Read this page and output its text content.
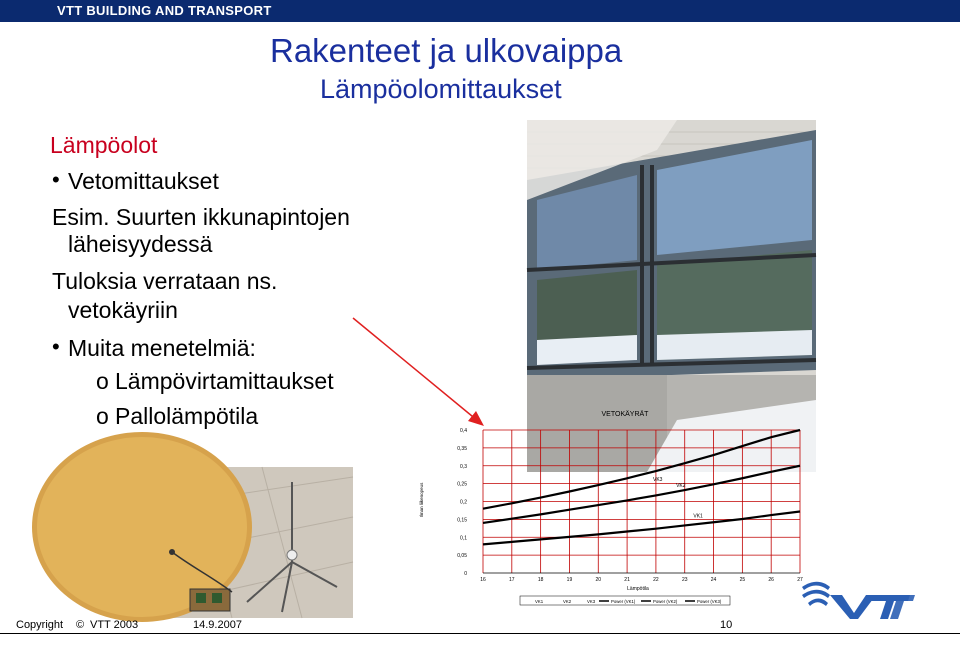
VTT BUILDING AND TRANSPORT
Rakenteet ja ulkovaippa
Lämpöolomittaukset
Lämpöolot
• Vetomittaukset
Esim. Suurten ikkunapintojen
läheisyydessä
Tuloksia verrataan ns.
vetokäyriin
• Muita menetelmiä:
o Lämpövirtamittaukset
o Pallolämpötila
VK1
VK2
VK3
0
0,05
0,1
0,15
0,2
0,25
0,3
0,35
0,4
16	17	18	19	20	21	22	23	24	25	26	27
VETOKÄYRÄT
Lämpötila
Ilman liikenopeus
VK1	VK2	VK3	Power (VK1)	Power (VK2)	Power (VK3)
VTT
Copyright © VTT 2003	14.9.2007	10
